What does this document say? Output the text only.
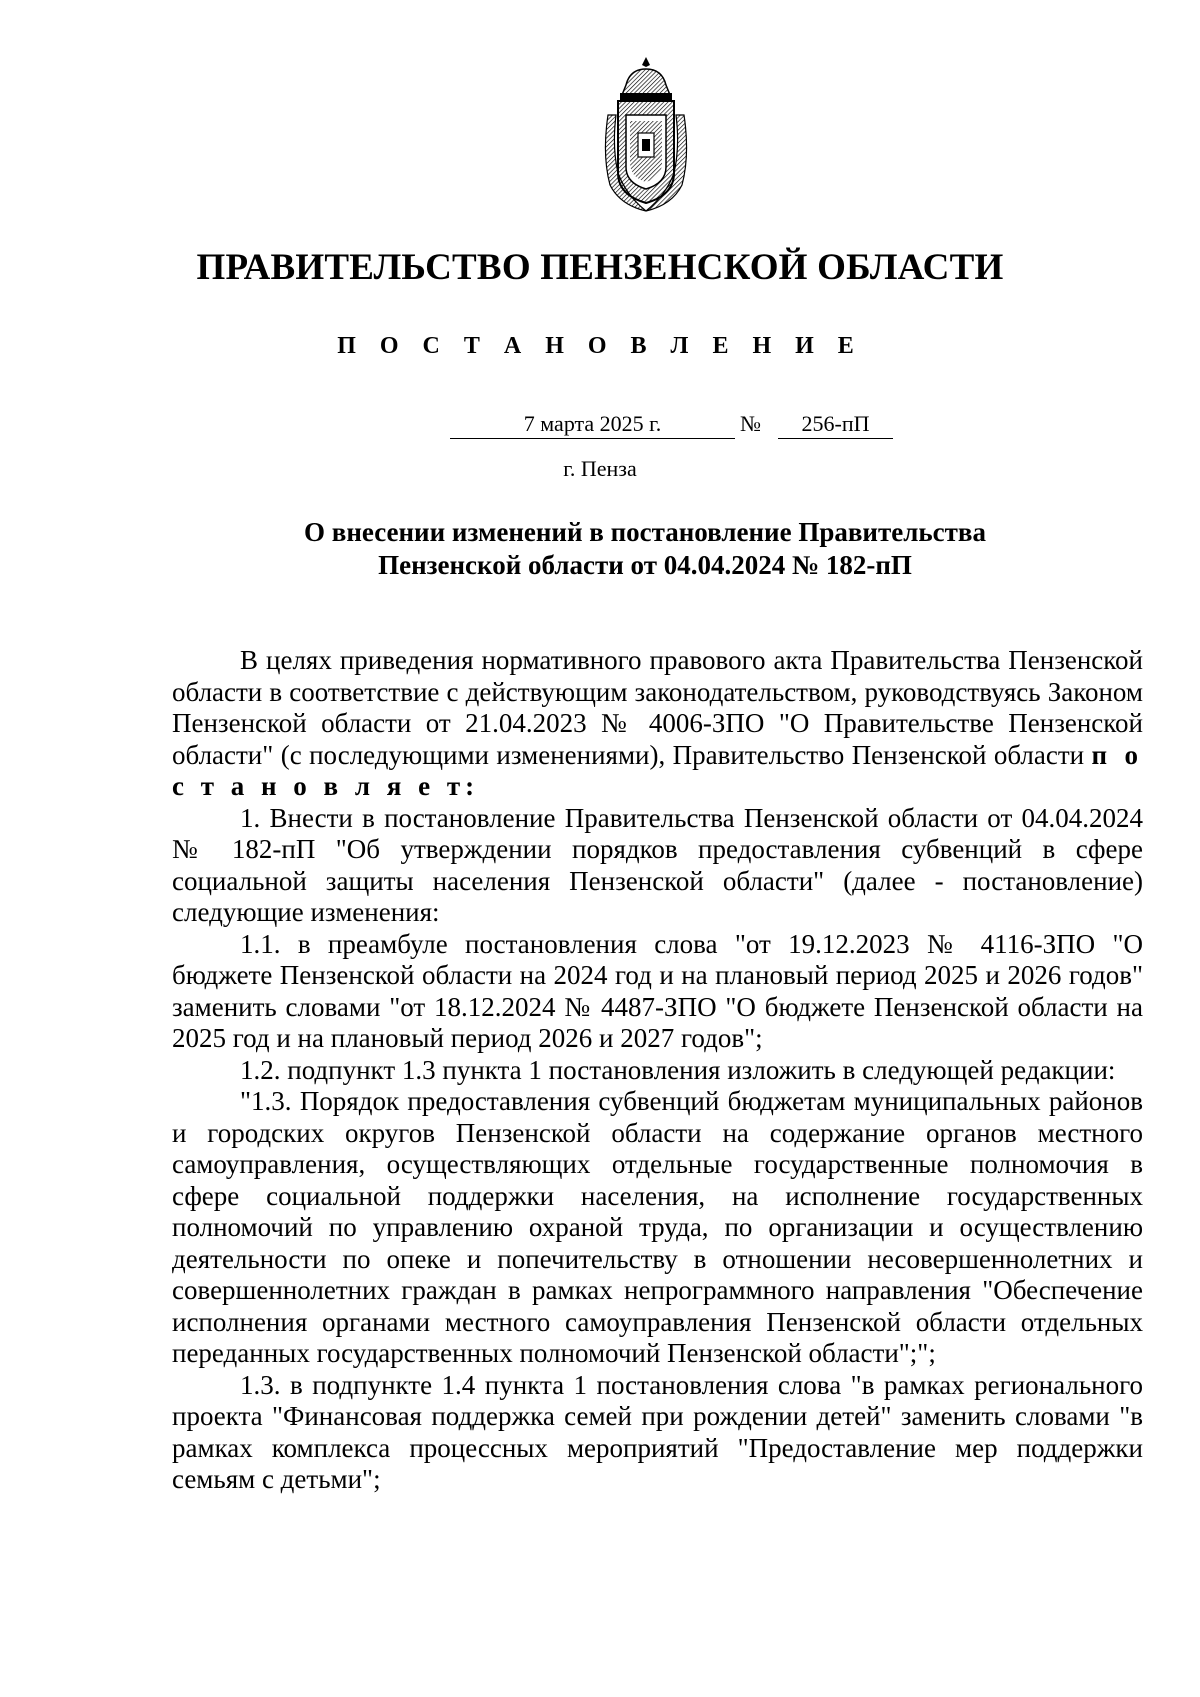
ПРАВИТЕЛЬСТВО ПЕНЗЕНСКОЙ ОБЛАСТИ
П О С Т А Н О В Л Е Н И Е
7 марта 2025 г.	№	256-пП
г. Пенза
О внесении изменений в постановление Правительства
Пензенской области от 04.04.2024 № 182-пП

В целях приведения нормативного правового акта Правительства Пензенской области в соответствие с действующим законодательством, руководствуясь Законом Пензенской области от 21.04.2023 № 4006-ЗПО "О Правительстве Пензенской области" (с последующими изменениями), Правительство Пензенской области п о с т а н о в л я е т:

1. Внести в постановление Правительства Пензенской области от 04.04.2024 № 182-пП "Об утверждении порядков предоставления субвенций в сфере социальной защиты населения Пензенской области" (далее - постановление) следующие изменения:

1.1. в преамбуле постановления слова "от 19.12.2023 № 4116-ЗПО "О бюджете Пензенской области на 2024 год и на плановый период 2025 и 2026 годов" заменить словами "от 18.12.2024 № 4487-ЗПО "О бюджете Пензенской области на 2025 год и на плановый период 2026 и 2027 годов";

1.2. подпункт 1.3 пункта 1 постановления изложить в следующей редакции:

"1.3. Порядок предоставления субвенций бюджетам муниципальных районов и городских округов Пензенской области на содержание органов местного самоуправления, осуществляющих отдельные государственные полномочия в сфере социальной поддержки населения, на исполнение государственных полномочий по управлению охраной труда, по организации и осуществлению деятельности по опеке и попечительству в отношении несовершеннолетних и совершеннолетних граждан в рамках непрограммного направления "Обеспечение исполнения органами местного самоуправления Пензенской области отдельных переданных государственных полномочий Пензенской области";";

1.3. в подпункте 1.4 пункта 1 постановления слова "в рамках регионального проекта "Финансовая поддержка семей при рождении детей" заменить словами "в рамках комплекса процессных мероприятий "Предоставление мер поддержки семьям с детьми";
